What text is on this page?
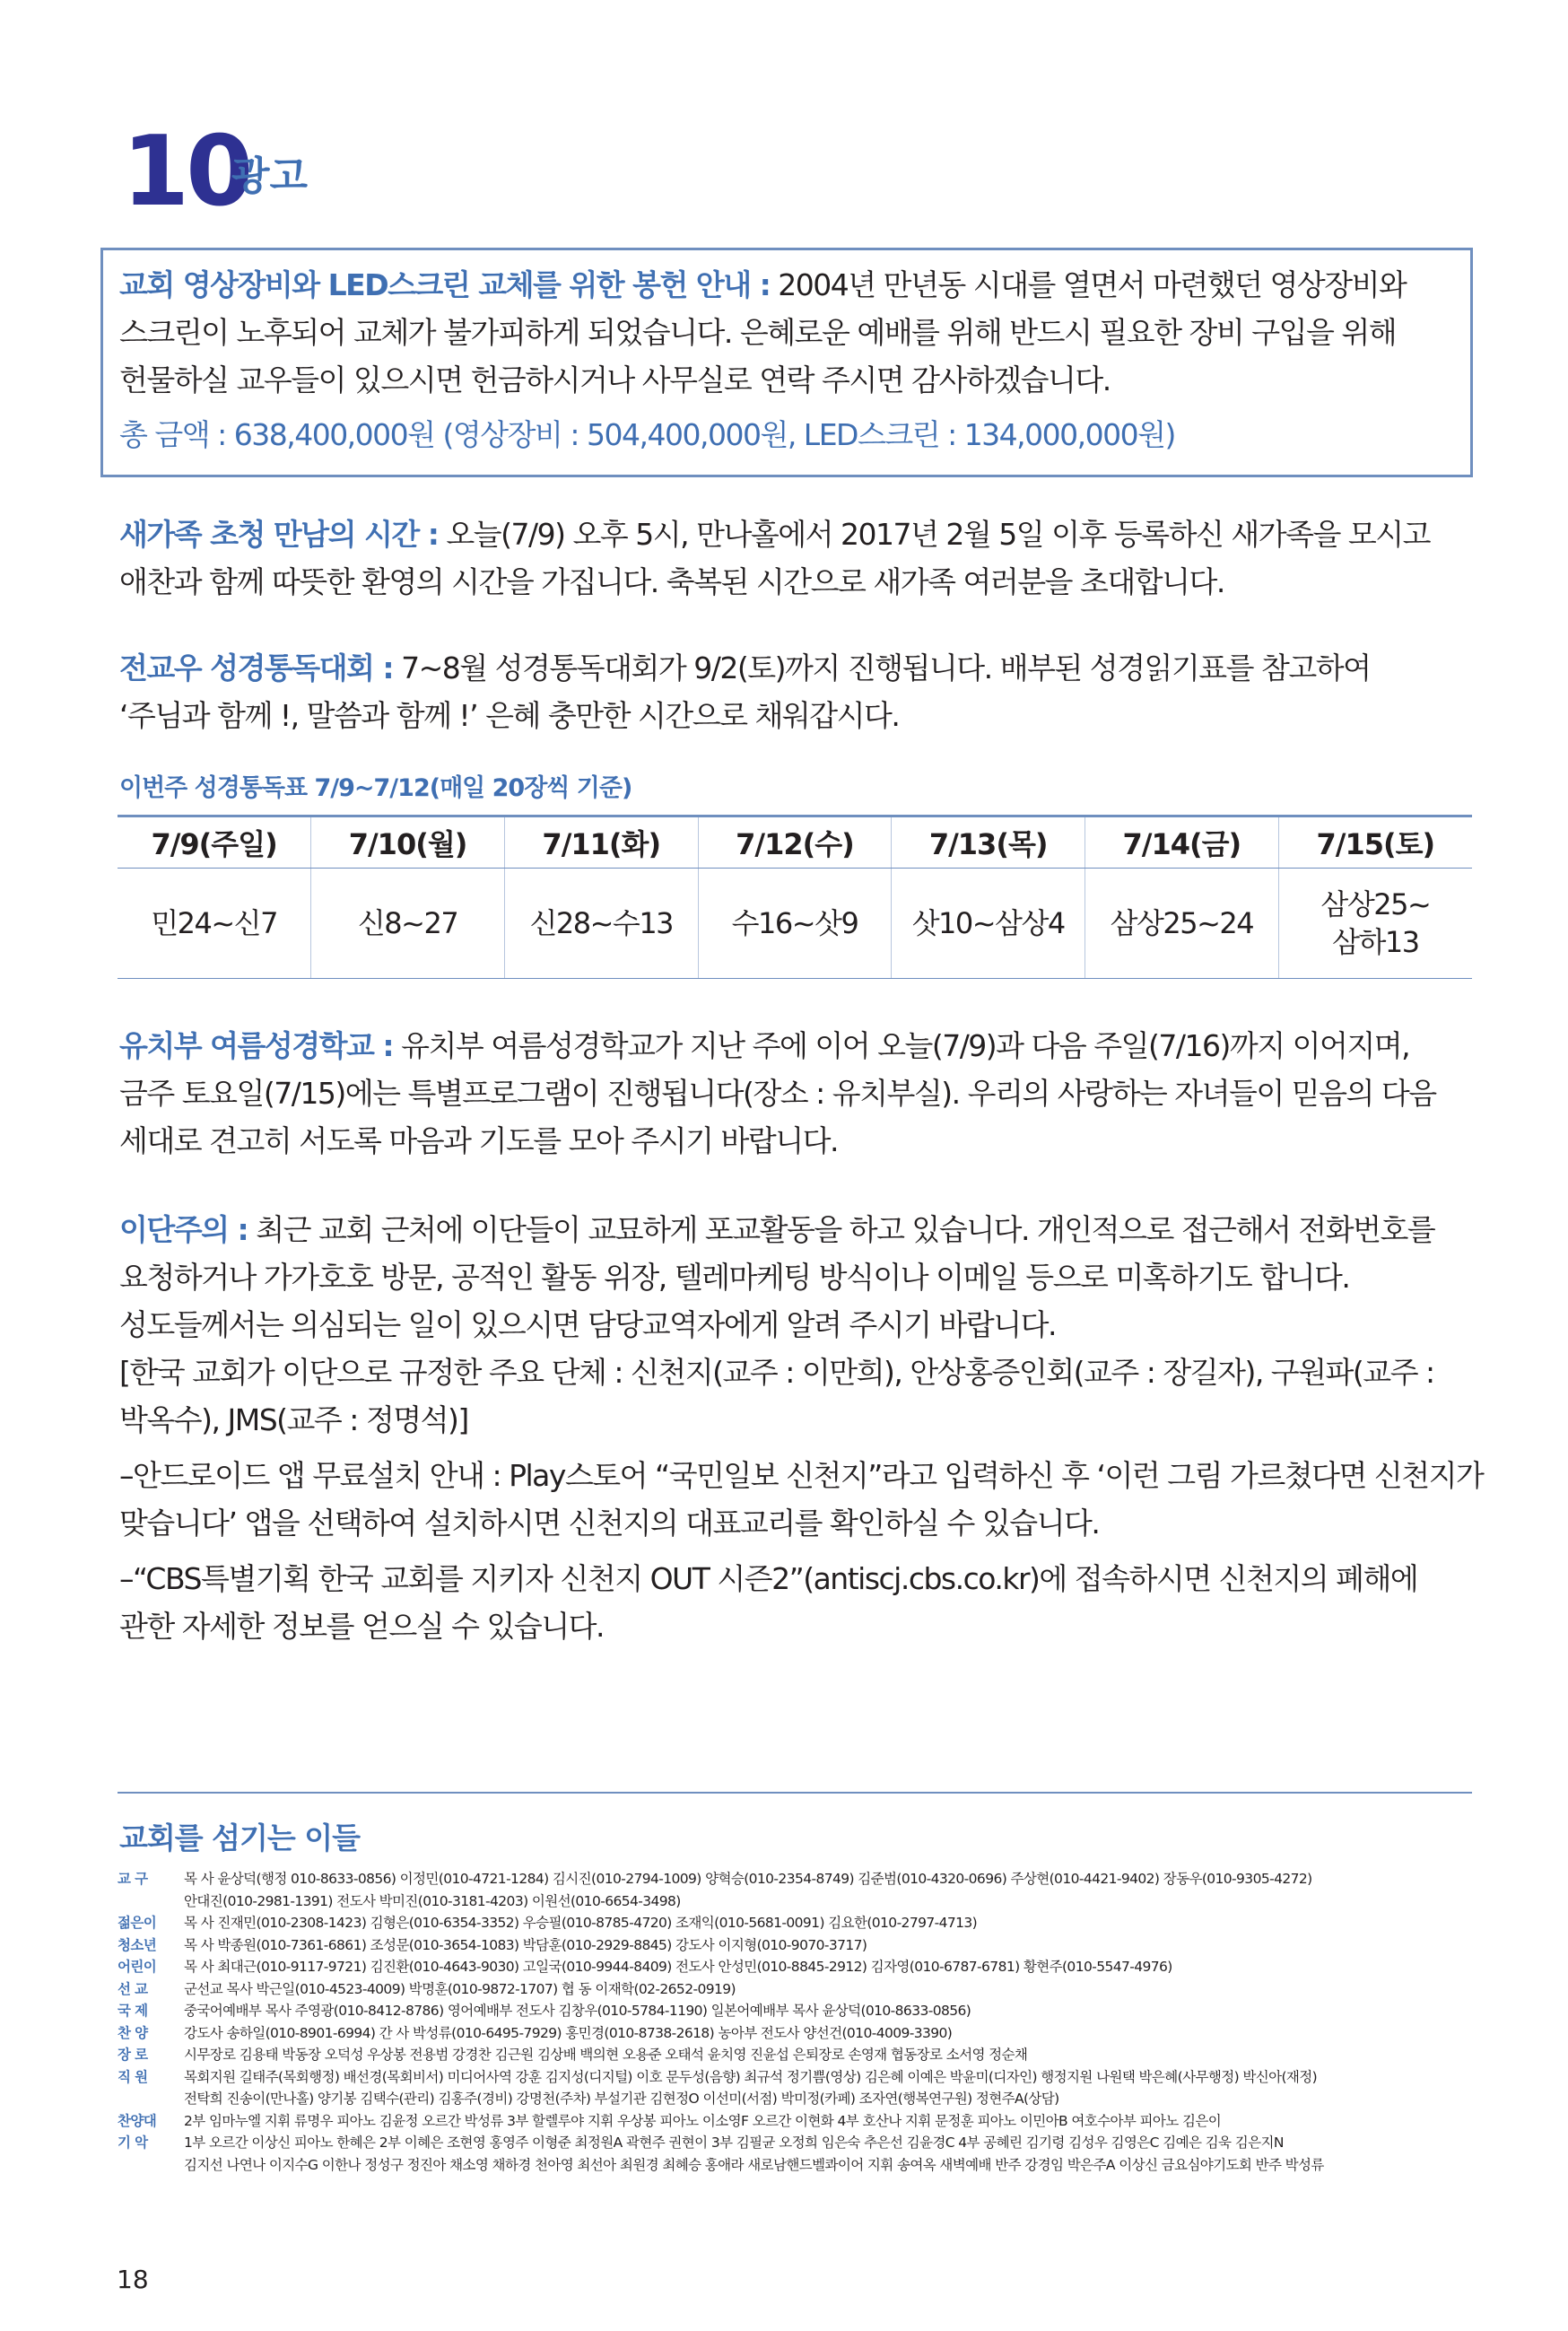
10
광고

교회 영상장비와 LED스크린 교체를 위한 봉헌 안내 : 2004년 만년동 시대를 열면서 마련했던 영상장비와

스크린이 노후되어 교체가 불가피하게 되었습니다. 은혜로운 예배를 위해 반드시 필요한 장비 구입을 위해

헌물하실 교우들이 있으시면 헌금하시거나 사무실로 연락 주시면 감사하겠습니다.

총 금액 : 638,400,000원 (영상장비 : 504,400,000원, LED스크린 : 134,000,000원)

새가족 초청 만남의 시간 : 오늘(7/9) 오후 5시, 만나홀에서 2017년 2월 5일 이후 등록하신 새가족을 모시고

애찬과 함께 따뜻한 환영의 시간을 가집니다. 축복된 시간으로 새가족 여러분을 초대합니다.

전교우 성경통독대회 : 7~8월 성경통독대회가 9/2(토)까지 진행됩니다. 배부된 성경읽기표를 참고하여

‘주님과 함께 !, 말씀과 함께 !’ 은혜 충만한 시간으로 채워갑시다.

이번주 성경통독표 7/9~7/12(매일 20장씩 기준)
7/9(주일)	7/10(월)	7/11(화)	7/12(수)	7/13(목)	7/14(금)	7/15(토)
민24~신7	신8~27	신28~수13	수16~삿9	삿10~삼상4	삼상25~24	삼상25~
삼하13

유치부 여름성경학교 : 유치부 여름성경학교가 지난 주에 이어 오늘(7/9)과 다음 주일(7/16)까지 이어지며,

금주 토요일(7/15)에는 특별프로그램이 진행됩니다(장소 : 유치부실). 우리의 사랑하는 자녀들이 믿음의 다음

세대로 견고히 서도록 마음과 기도를 모아 주시기 바랍니다.

이단주의 : 최근 교회 근처에 이단들이 교묘하게 포교활동을 하고 있습니다. 개인적으로 접근해서 전화번호를

요청하거나 가가호호 방문, 공적인 활동 위장, 텔레마케팅 방식이나 이메일 등으로 미혹하기도 합니다.

성도들께서는 의심되는 일이 있으시면 담당교역자에게 알려 주시기 바랍니다.

[한국 교회가 이단으로 규정한 주요 단체 : 신천지(교주 : 이만희), 안상홍증인회(교주 : 장길자), 구원파(교주 :

박옥수), JMS(교주 : 정명석)]

–안드로이드 앱 무료설치 안내 : Play스토어 “국민일보 신천지”라고 입력하신 후 ‘이런 그림 가르쳤다면 신천지가

맞습니다’ 앱을 선택하여 설치하시면 신천지의 대표교리를 확인하실 수 있습니다.

–“CBS특별기획 한국 교회를 지키자 신천지 OUT 시즌2”(antiscj.cbs.co.kr)에 접속하시면 신천지의 폐해에

관한 자세한 정보를 얻으실 수 있습니다.

교회를 섬기는 이들
교 구	목 사 윤상덕(행정 010-8633-0856) 이정민(010-4721-1284) 김시진(010-2794-1009) 양혁승(010-2354-8749) 김준범(010-4320-0696) 주상현(010-4421-9402) 장동우(010-9305-4272)
안대진(010-2981-1391) 전도사 박미진(010-3181-4203) 이원선(010-6654-3498)
젊은이	목 사 진재민(010-2308-1423) 김형은(010-6354-3352) 우승필(010-8785-4720) 조재익(010-5681-0091) 김요한(010-2797-4713)
청소년	목 사 박종원(010-7361-6861) 조성문(010-3654-1083) 박담훈(010-2929-8845) 강도사 이지형(010-9070-3717)
어린이	목 사 최대근(010-9117-9721) 김진환(010-4643-9030) 고일국(010-9944-8409) 전도사 안성민(010-8845-2912) 김자영(010-6787-6781) 황현주(010-5547-4976)
선 교	군선교 목사 박근일(010-4523-4009) 박명훈(010-9872-1707) 협 동 이재학(02-2652-0919)
국 제	중국어예배부 목사 주영광(010-8412-8786) 영어예배부 전도사 김창우(010-5784-1190) 일본어예배부 목사 윤상덕(010-8633-0856)
찬 양	강도사 송하일(010-8901-6994) 간 사 박성류(010-6495-7929) 홍민경(010-8738-2618) 농아부 전도사 양선건(010-4009-3390)
장 로	시무장로 김용태 박동장 오덕성 우상봉 전용범 강경찬 김근원 김상배 백의현 오용준 오태석 윤치영 진윤섭 은퇴장로 손영재 협동장로 소서영 정순채
직 원	목회지원 길태주(목회행정) 배선경(목회비서) 미디어사역 강훈 김지성(디지털) 이호 문두성(음향) 최규석 정기쁨(영상) 김은혜 이예은 박윤미(디자인) 행정지원 나원택 박은혜(사무행정) 박신아(재정)
전탁희 진송이(만나홀) 양기봉 김택수(관리) 김홍주(경비) 강명천(주차) 부설기관 김현정O 이선미(서점) 박미정(카페) 조자연(행복연구원) 정현주A(상담)
찬양대	2부 임마누엘 지휘 류명우 피아노 김윤정 오르간 박성류 3부 할렐루야 지휘 우상봉 피아노 이소영F 오르간 이현화 4부 호산나 지휘 문정훈 피아노 이민아B 여호수아부 피아노 김은이
기 악	1부 오르간 이상신 피아노 한혜은 2부 이혜은 조현영 홍영주 이형준 최정원A 곽현주 권현이 3부 김필균 오정희 임은숙 추은선 김윤경C 4부 공혜린 김기령 김성우 김영은C 김예은 김욱 김은지N
김지선 나연나 이지수G 이한나 정성구 정진아 채소영 채하경 천아영 최선아 최원경 최혜승 홍애라 새로남핸드벨콰이어 지휘 송여옥 새벽예배 반주 강경임 박은주A 이상신 금요심야기도회 반주 박성류
18
